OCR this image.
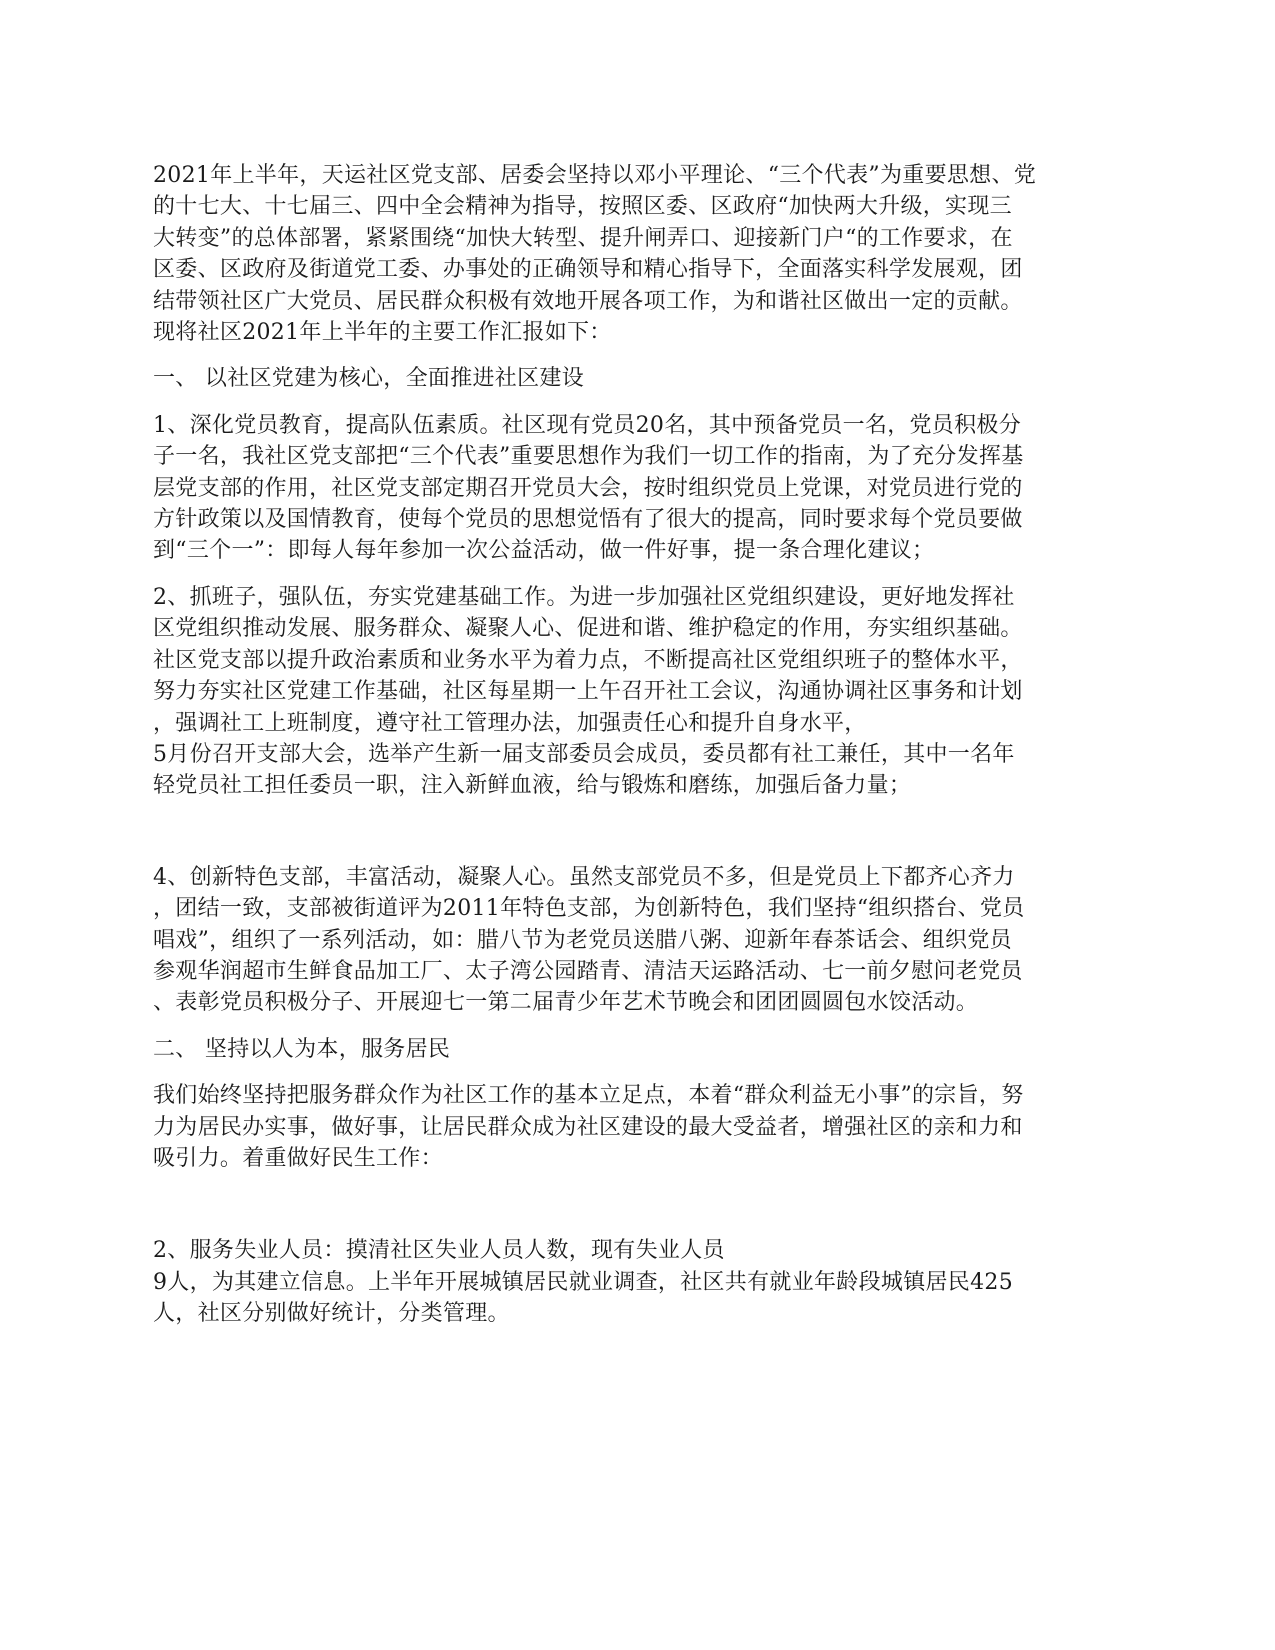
2021年上半年，天运社区党支部、居委会坚持以邓小平理论、“三个代表”为重要思想、党
的十七大、十七届三、四中全会精神为指导，按照区委、区政府“加快两大升级，实现三
大转变”的总体部署，紧紧围绕“加快大转型、提升闸弄口、迎接新门户“的工作要求，在
区委、区政府及街道党工委、办事处的正确领导和精心指导下，全面落实科学发展观，团
结带领社区广大党员、居民群众积极有效地开展各项工作，为和谐社区做出一定的贡献。
现将社区2021年上半年的主要工作汇报如下：
一、 以社区党建为核心，全面推进社区建设
1、深化党员教育，提高队伍素质。社区现有党员20名，其中预备党员一名，党员积极分
子一名，我社区党支部把“三个代表”重要思想作为我们一切工作的指南，为了充分发挥基
层党支部的作用，社区党支部定期召开党员大会，按时组织党员上党课，对党员进行党的
方针政策以及国情教育，使每个党员的思想觉悟有了很大的提高，同时要求每个党员要做
到“三个一”：即每人每年参加一次公益活动，做一件好事，提一条合理化建议；
2、抓班子，强队伍，夯实党建基础工作。为进一步加强社区党组织建设，更好地发挥社
区党组织推动发展、服务群众、凝聚人心、促进和谐、维护稳定的作用，夯实组织基础。
社区党支部以提升政治素质和业务水平为着力点，不断提高社区党组织班子的整体水平，
努力夯实社区党建工作基础，社区每星期一上午召开社工会议，沟通协调社区事务和计划
，强调社工上班制度，遵守社工管理办法，加强责任心和提升自身水平，
5月份召开支部大会，选举产生新一届支部委员会成员，委员都有社工兼任，其中一名年
轻党员社工担任委员一职，注入新鲜血液，给与锻炼和磨练，加强后备力量；
4、创新特色支部，丰富活动，凝聚人心。虽然支部党员不多，但是党员上下都齐心齐力
，团结一致，支部被街道评为2011年特色支部，为创新特色，我们坚持“组织搭台、党员
唱戏”，组织了一系列活动，如：腊八节为老党员送腊八粥、迎新年春茶话会、组织党员
参观华润超市生鲜食品加工厂、太子湾公园踏青、清洁天运路活动、七一前夕慰问老党员
、表彰党员积极分子、开展迎七一第二届青少年艺术节晚会和团团圆圆包水饺活动。
二、 坚持以人为本，服务居民
我们始终坚持把服务群众作为社区工作的基本立足点，本着“群众利益无小事”的宗旨，努
力为居民办实事，做好事，让居民群众成为社区建设的最大受益者，增强社区的亲和力和
吸引力。着重做好民生工作：
2、服务失业人员：摸清社区失业人员人数，现有失业人员
9人，为其建立信息。上半年开展城镇居民就业调查，社区共有就业年龄段城镇居民425
人，社区分别做好统计，分类管理。
